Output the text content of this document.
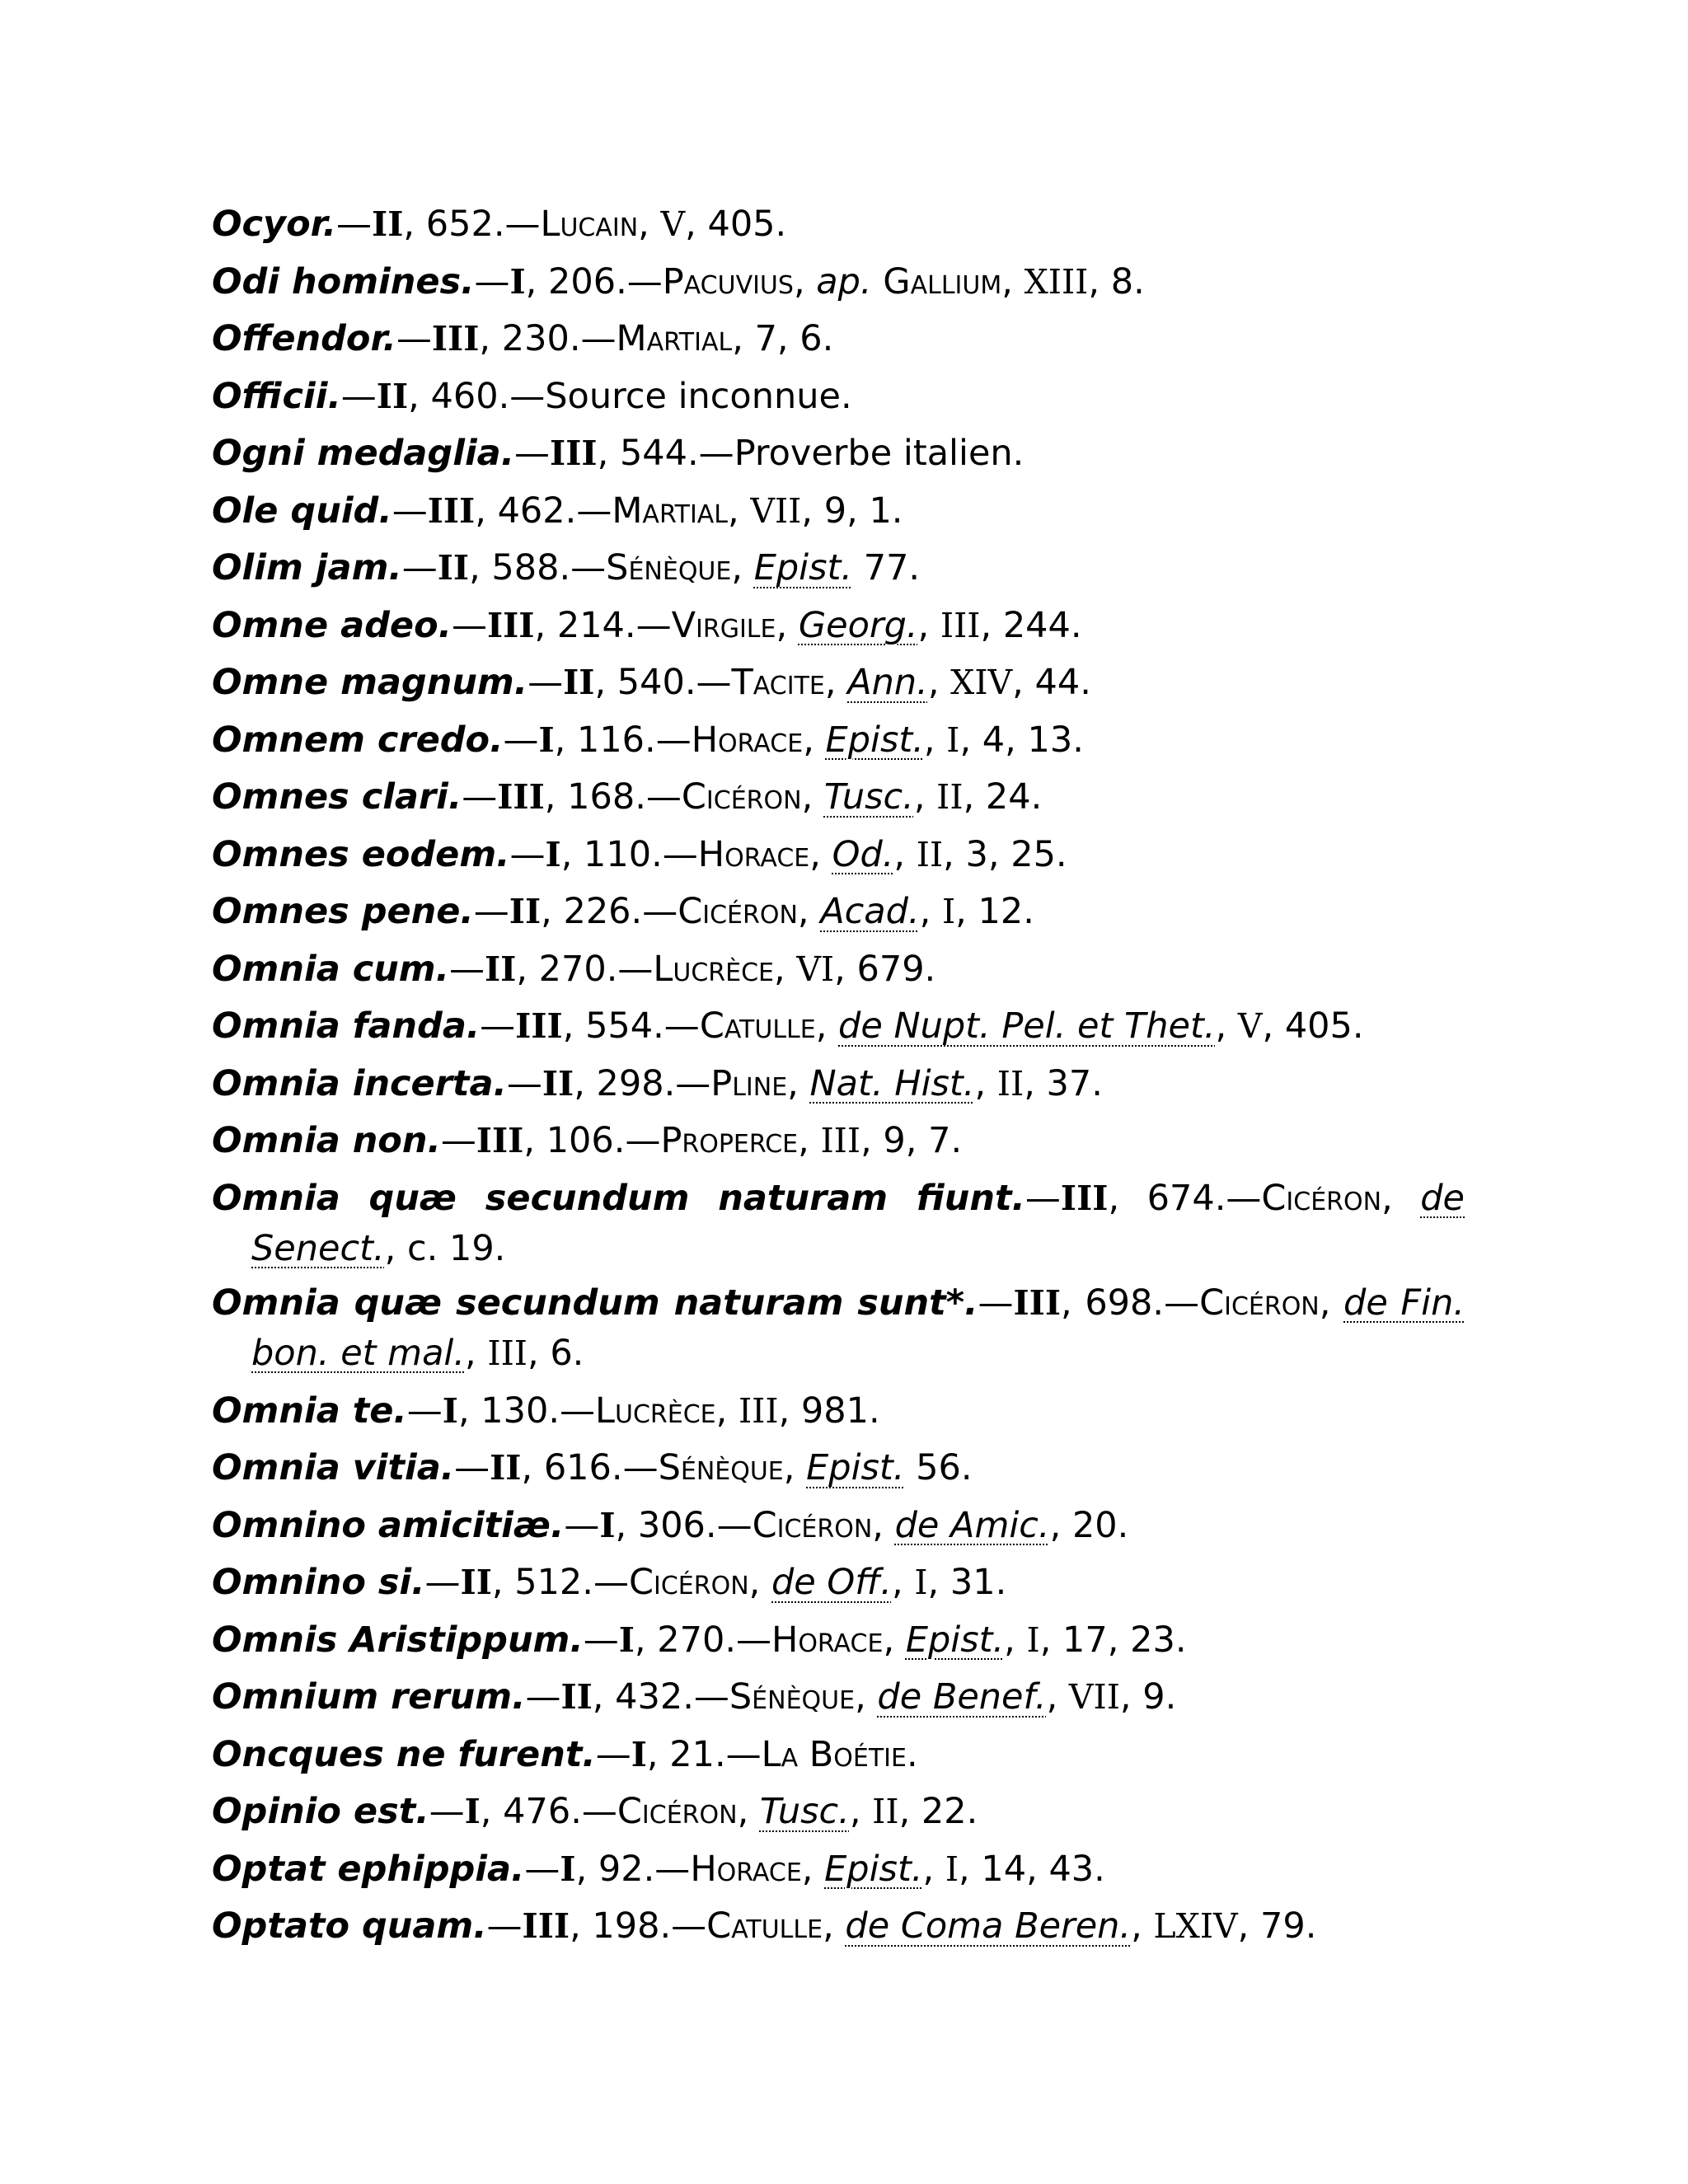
Ocyor.—II, 652.—Lucain, V, 405.
Odi homines.—I, 206.—Pacuvius, ap. Gallium, XIII, 8.
Offendor.—III, 230.—Martial, 7, 6.
Officii.—II, 460.—Source inconnue.
Ogni medaglia.—III, 544.—Proverbe italien.
Ole quid.—III, 462.—Martial, VII, 9, 1.
Olim jam.—II, 588.—Sénèque, Epist. 77.
Omne adeo.—III, 214.—Virgile, Georg., III, 244.
Omne magnum.—II, 540.—Tacite, Ann., XIV, 44.
Omnem credo.—I, 116.—Horace, Epist., I, 4, 13.
Omnes clari.—III, 168.—Cicéron, Tusc., II, 24.
Omnes eodem.—I, 110.—Horace, Od., II, 3, 25.
Omnes pene.—II, 226.—Cicéron, Acad., I, 12.
Omnia cum.—II, 270.—Lucrèce, VI, 679.
Omnia fanda.—III, 554.—Catulle, de Nupt. Pel. et Thet., V, 405.
Omnia incerta.—II, 298.—Pline, Nat. Hist., II, 37.
Omnia non.—III, 106.—Properce, III, 9, 7.
Omnia quæ secundum naturam fiunt.—III, 674.—Cicéron, de Senect., c. 19.
Omnia quæ secundum naturam sunt*.—III, 698.—Cicéron, de Fin. bon. et mal., III, 6.
Omnia te.—I, 130.—Lucrèce, III, 981.
Omnia vitia.—II, 616.—Sénèque, Epist. 56.
Omnino amicitiæ.—I, 306.—Cicéron, de Amic., 20.
Omnino si.—II, 512.—Cicéron, de Off., I, 31.
Omnis Aristippum.—I, 270.—Horace, Epist., I, 17, 23.
Omnium rerum.—II, 432.—Sénèque, de Benef., VII, 9.
Oncques ne furent.—I, 21.—La Boétie.
Opinio est.—I, 476.—Cicéron, Tusc., II, 22.
Optat ephippia.—I, 92.—Horace, Epist., I, 14, 43.
Optato quam.—III, 198.—Catulle, de Coma Beren., LXIV, 79.
